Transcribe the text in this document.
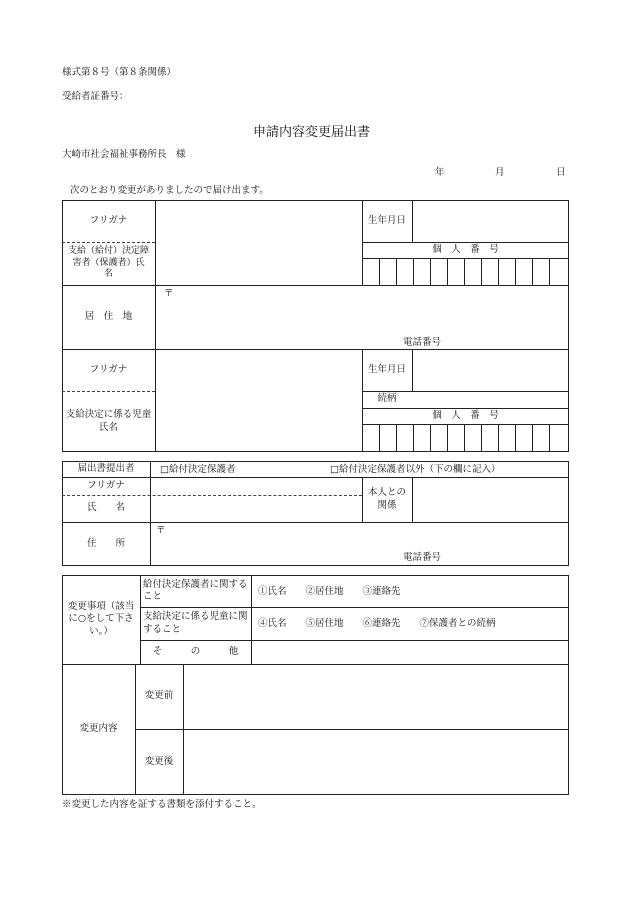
様式第８号（第８条関係）
受給者証番号：
申請内容変更届出書
大崎市社会福祉事務所長　様
年	月	日
次のとおり変更がありましたので届け出ます。
フリガナ	生年月日
支給（給付）決定障害者（保護者）氏　　名
個　人　番　号
居　住　地
〒
電話番号
フリガナ	生年月日
支給決定に係る児童氏名
続柄
個　人　番　号
届出書提出者	□給付決定保護者	□給付決定保護者以外（下の欄に記入）
フリガナ
氏　　名
本人との関係
住　　所
〒
電話番号
変更事項（該当に○をして下さい。）
給付決定保護者に関すること	①氏名　　②居住地　　③連絡先
支給決定に係る児童に関すること	④氏名　　⑤居住地　　⑥連絡先　　⑦保護者との続柄
そ　　　の　　　他
変更内容
変更前
変更後
※変更した内容を証する書類を添付すること。
